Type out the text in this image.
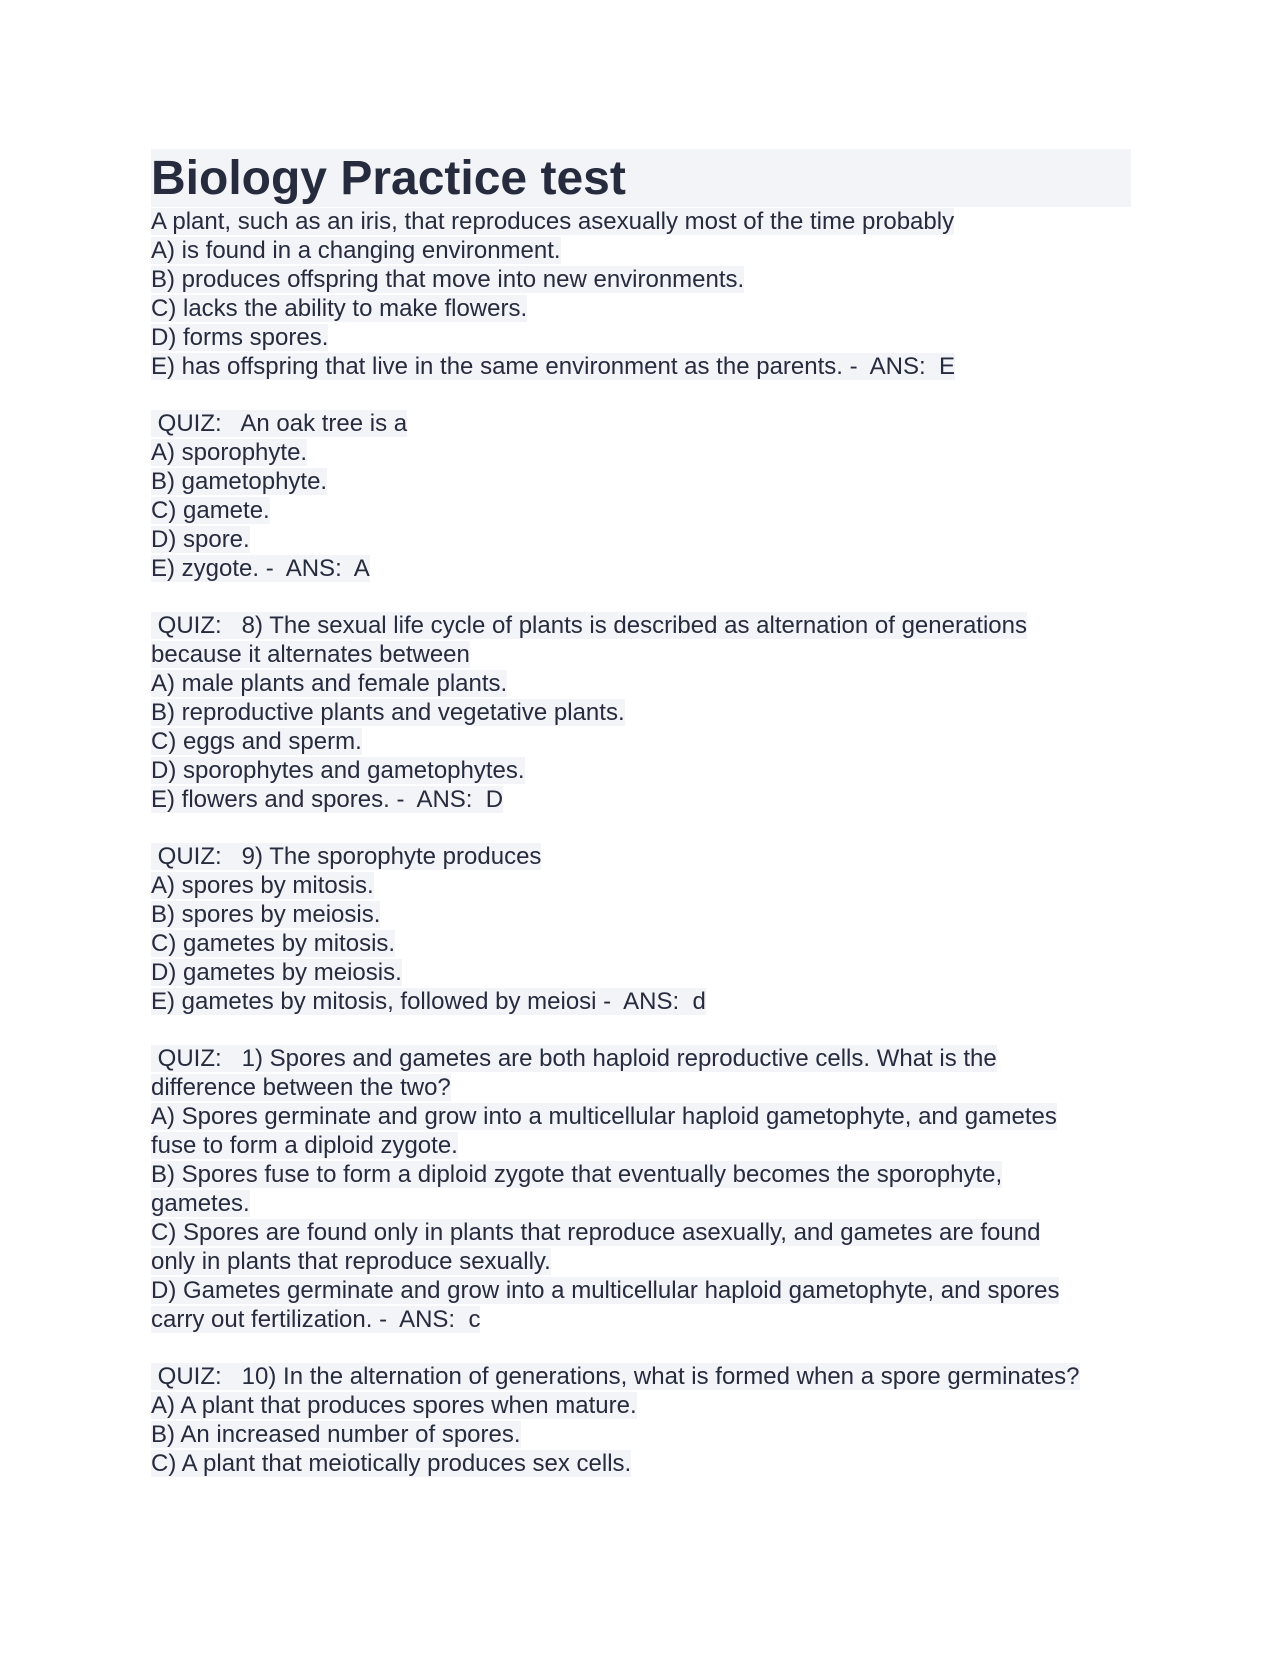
Biology Practice test
A plant, such as an iris, that reproduces asexually most of the time probably
A) is found in a changing environment.
B) produces offspring that move into new environments.
C) lacks the ability to make flowers.
D) forms spores.
E) has offspring that live in the same environment as the parents. -  ANS:  E
QUIZ:   An oak tree is a
A) sporophyte.
B) gametophyte.
C) gamete.
D) spore.
E) zygote. -  ANS:  A
QUIZ:   8) The sexual life cycle of plants is described as alternation of generations
because it alternates between
A) male plants and female plants.
B) reproductive plants and vegetative plants.
C) eggs and sperm.
D) sporophytes and gametophytes.
E) flowers and spores. -  ANS:  D
QUIZ:   9) The sporophyte produces
A) spores by mitosis.
B) spores by meiosis.
C) gametes by mitosis.
D) gametes by meiosis.
E) gametes by mitosis, followed by meiosi -  ANS:  d
QUIZ:   1) Spores and gametes are both haploid reproductive cells. What is the
difference between the two?
A) Spores germinate and grow into a multicellular haploid gametophyte, and gametes
fuse to form a diploid zygote.
B) Spores fuse to form a diploid zygote that eventually becomes the sporophyte,
gametes.
C) Spores are found only in plants that reproduce asexually, and gametes are found
only in plants that reproduce sexually.
D) Gametes germinate and grow into a multicellular haploid gametophyte, and spores
carry out fertilization. -  ANS:  c
QUIZ:   10) In the alternation of generations, what is formed when a spore germinates?
A) A plant that produces spores when mature.
B) An increased number of spores.
C) A plant that meiotically produces sex cells.
